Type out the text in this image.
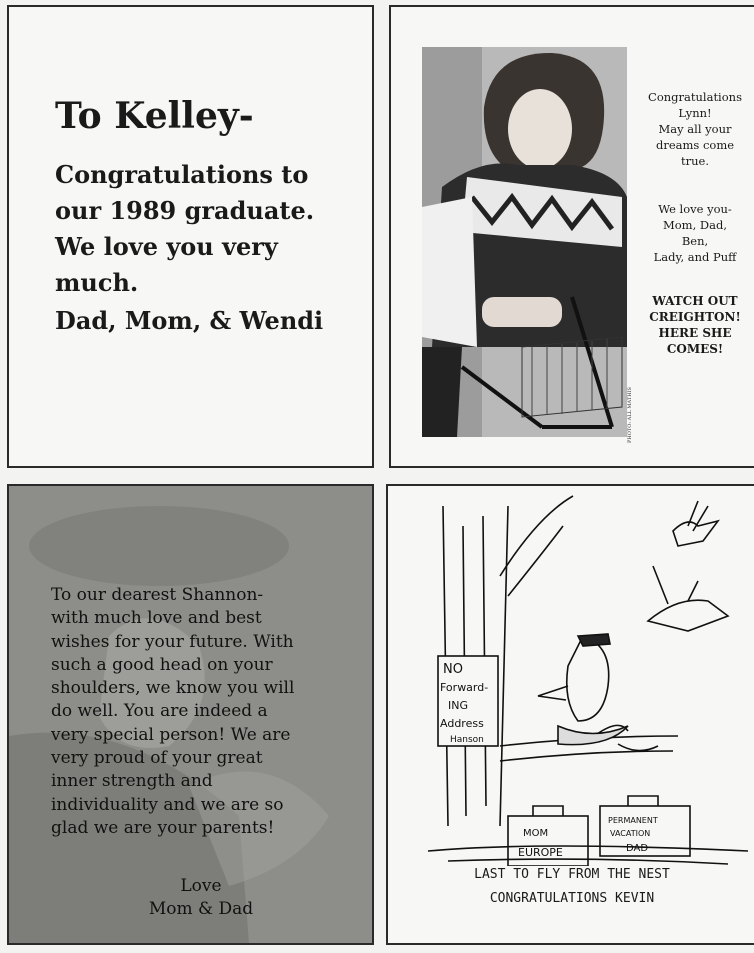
To Kelley-
Congratulations to
our 1989 graduate.
We love you very
much.
Dad, Mom, & Wendi
PHOTO: ALL MATHIS
Congratulations
Lynn!
May all your
dreams come
true.
We love you-
Mom, Dad,
Ben,
Lady, and Puff
WATCH OUT
CREIGHTON!
HERE SHE
COMES!
To our dearest Shannon-
with much love and best
wishes for your future. With
such a good head on your
shoulders, we know you will
do well. You are indeed a
very special person! We are
very proud of your great
inner strength and
individuality and we are so
glad we are your parents!
Love
Mom & Dad
NO
Forward-
ING
Address
Hanson
MOM
EUROPE
PERMANENT
VACATION
DAD
LAST TO FLY FROM THE NEST
CONGRATULATIONS KEVIN
